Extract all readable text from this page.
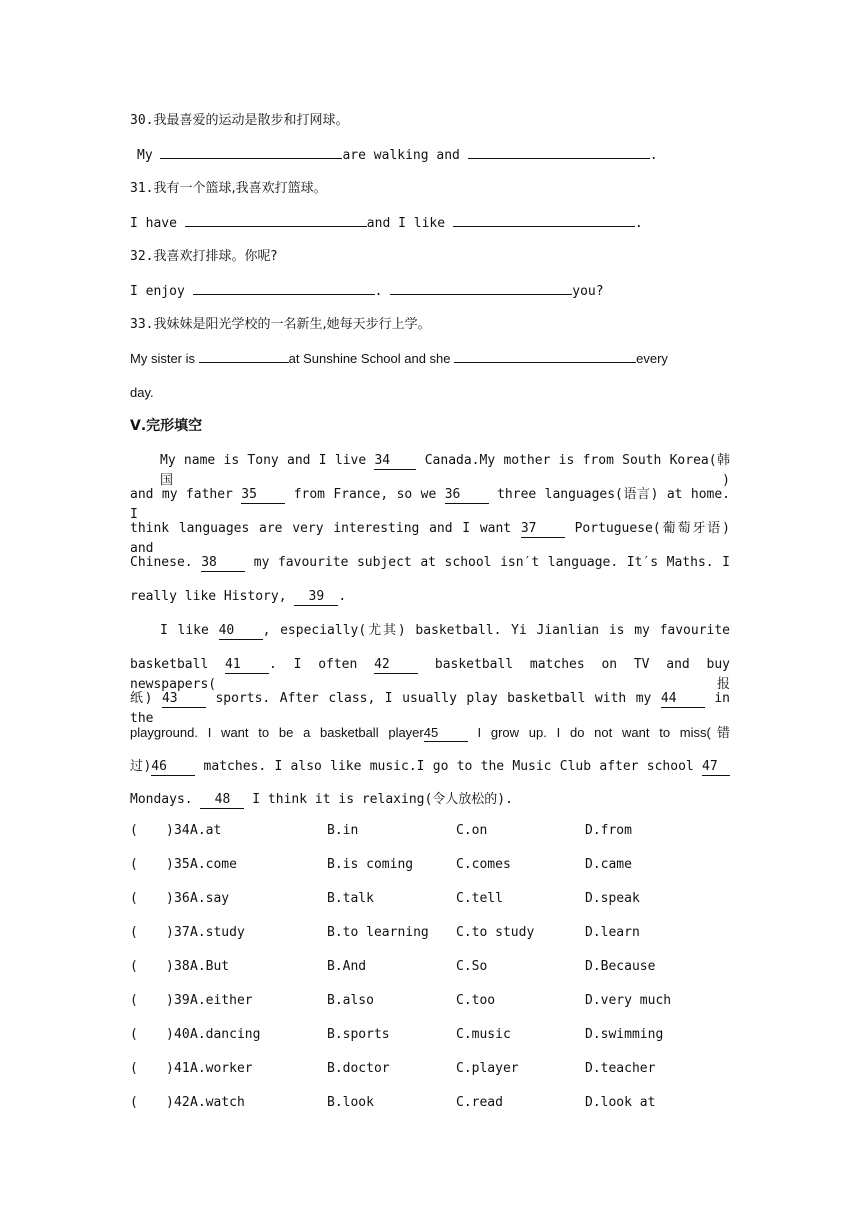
30.我最喜爱的运动是散步和打网球。
My	are walking and	.
31.我有一个篮球,我喜欢打篮球。
I have	and I like	.
32.我喜欢打排球。你呢?
I enjoy	.	you?
33.我妹妹是阳光学校的一名新生,她每天步行上学。
My sister is	at Sunshine School and she	every
day.
Ⅴ.完形填空
My name is Tony and I live 34 Canada.My mother is from South Korea(韩国)
and my father 35 from France, so we 36 three languages(语言) at home. I
think languages are very interesting and I want 37 Portuguese(葡萄牙语) and
Chinese. 38 my favourite subject at school isn′t language. It′s Maths. I
really like History, 39 .
I like 40 , especially(尤其) basketball. Yi Jianlian is my favourite
basketball 41 . I often 42 basketball matches on TV and buy newspapers(报
纸) 43 sports. After class, I usually play basketball with my 44 in the
playground. I want to be a basketball player45 I grow up. I do not want to miss(错
过)46 matches. I also like music.I go to the Music Club after school 47
Mondays. 48 I think it is relaxing(令人放松的).
( ) 34 A.at	B.in	C.on	D.from
( ) 35 A.come	B.is coming	C.comes	D.came
( ) 36 A.say	B.talk	C.tell	D.speak
( ) 37 A.study	B.to learning C.to study	D.learn
( ) 38 A.But	B.And	C.So	D.Because
( ) 39 A.either	B.also	C.too	D.very much
( ) 40 A.dancing	B.sports	C.music	D.swimming
( ) 41 A.worker	B.doctor	C.player	D.teacher
( ) 42 A.watch	B.look	C.read	D.look at
